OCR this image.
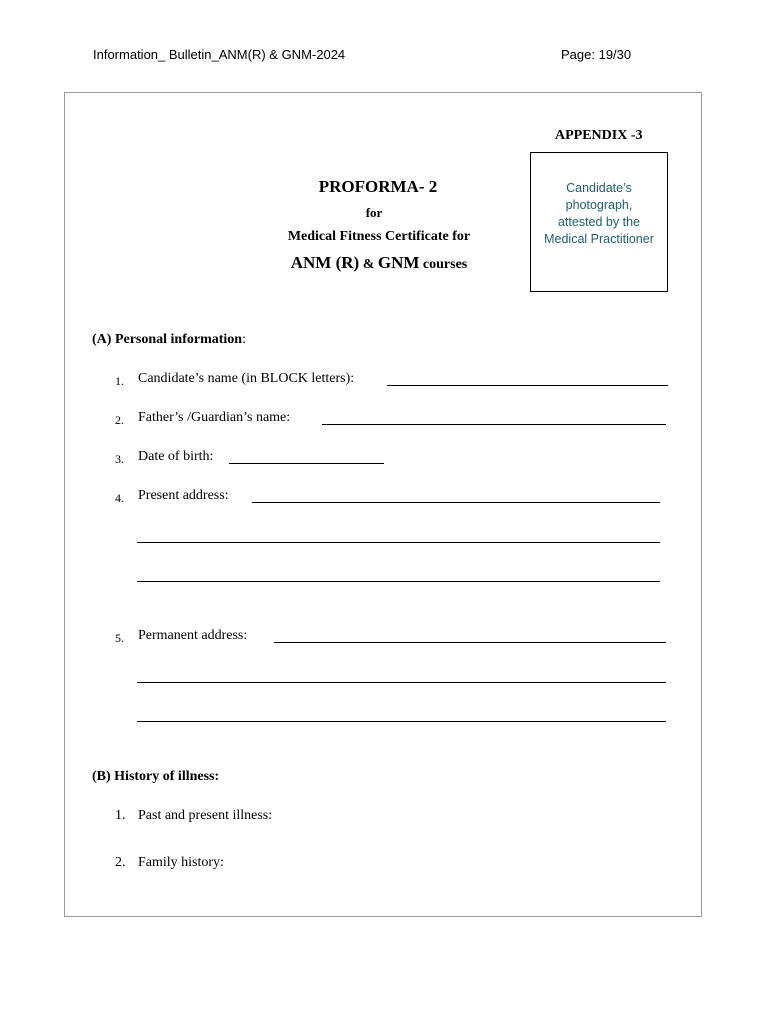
Information_ Bulletin_ANM(R) & GNM-2024	Page: 19/30
APPENDIX -3
Candidate’s
photograph,
attested by the
Medical Practitioner
PROFORMA- 2
for
Medical Fitness Certificate for
ANM (R) & GNM courses
(A) Personal information:
1. Candidate’s name (in BLOCK letters):
2. Father’s /Guardian’s name:
3. Date of birth:
4. Present address:
5. Permanent address:
(B) History of illness:
1. Past and present illness:
2. Family history:
